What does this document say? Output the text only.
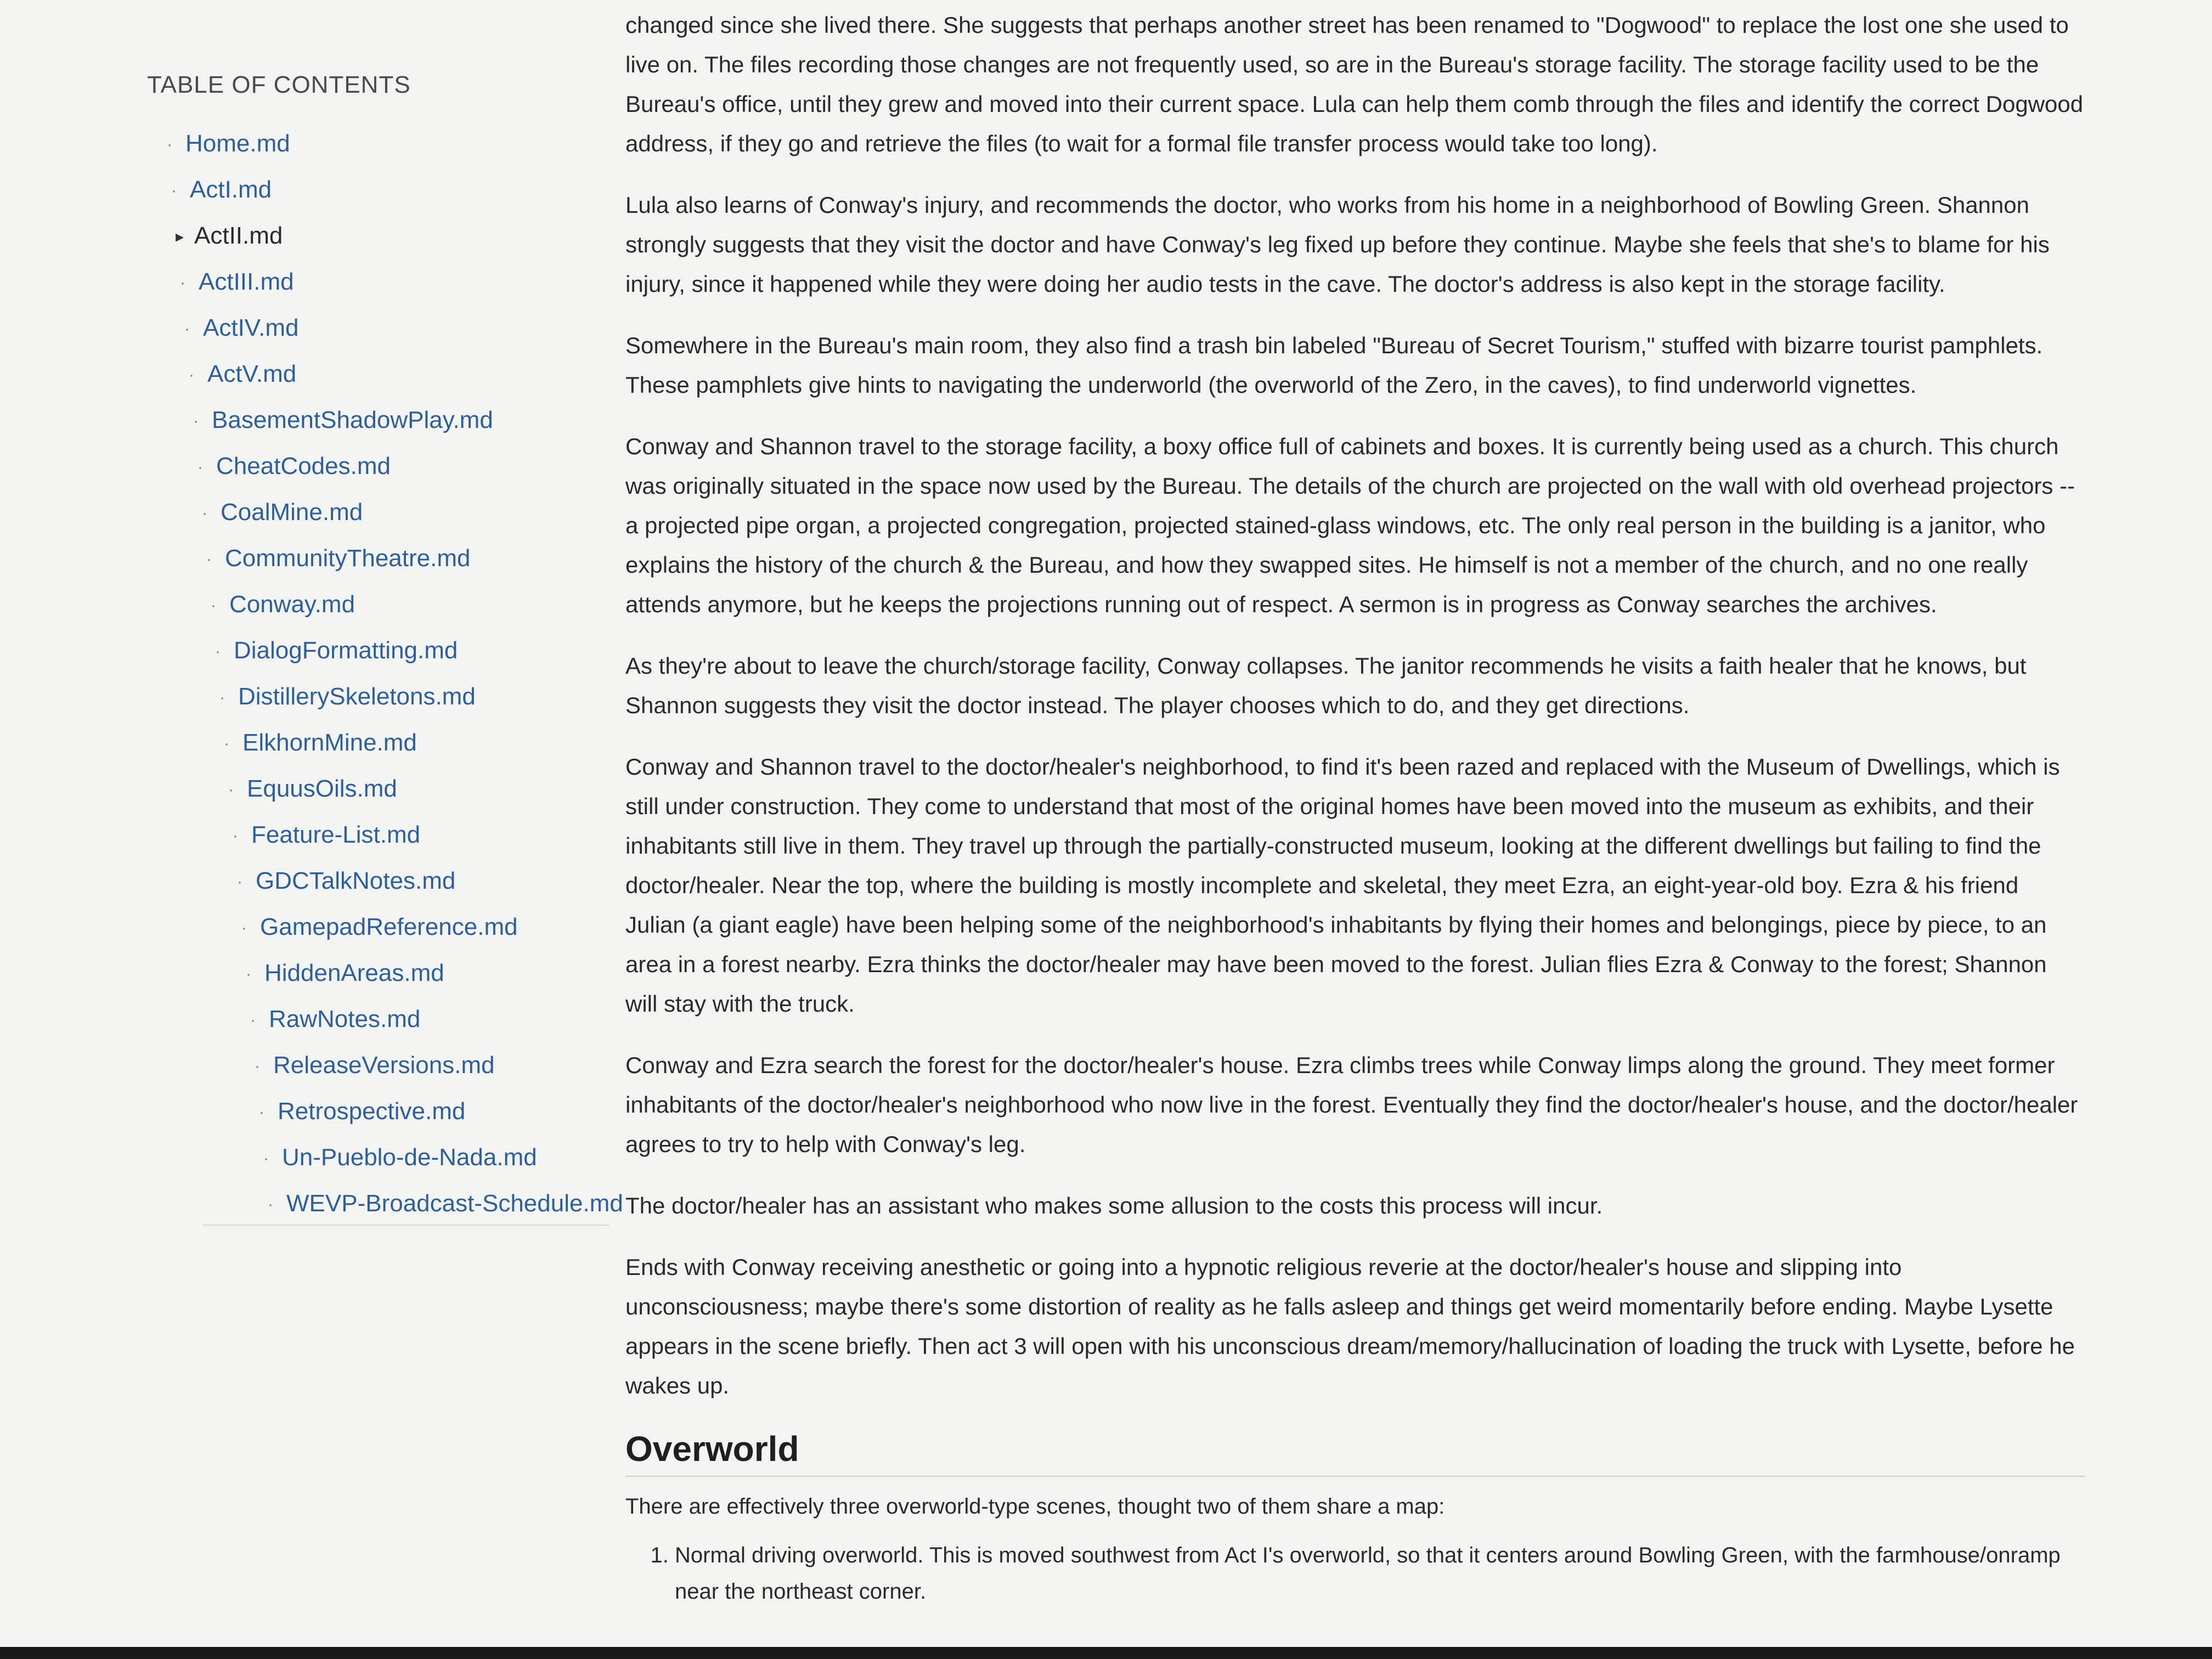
TABLE OF CONTENTS
· Home.md
· ActI.md
▸ ActII.md
· ActIII.md
· ActIV.md
· ActV.md
· BasementShadowPlay.md
· CheatCodes.md
· CoalMine.md
· CommunityTheatre.md
· Conway.md
· DialogFormatting.md
· DistillerySkeletons.md
· ElkhornMine.md
· EquusOils.md
· Feature-List.md
· GDCTalkNotes.md
· GamepadReference.md
· HiddenAreas.md
· RawNotes.md
· ReleaseVersions.md
· Retrospective.md
· Un-Pueblo-de-Nada.md
· WEVP-Broadcast-Schedule.md

changed since she lived there. She suggests that perhaps another street has been renamed to "Dogwood" to replace the lost one she used to live on. The files recording those changes are not frequently used, so are in the Bureau's storage facility. The storage facility used to be the Bureau's office, until they grew and moved into their current space. Lula can help them comb through the files and identify the correct Dogwood address, if they go and retrieve the files (to wait for a formal file transfer process would take too long).

Lula also learns of Conway's injury, and recommends the doctor, who works from his home in a neighborhood of Bowling Green. Shannon strongly suggests that they visit the doctor and have Conway's leg fixed up before they continue. Maybe she feels that she's to blame for his injury, since it happened while they were doing her audio tests in the cave. The doctor's address is also kept in the storage facility.

Somewhere in the Bureau's main room, they also find a trash bin labeled "Bureau of Secret Tourism," stuffed with bizarre tourist pamphlets. These pamphlets give hints to navigating the underworld (the overworld of the Zero, in the caves), to find underworld vignettes.

Conway and Shannon travel to the storage facility, a boxy office full of cabinets and boxes. It is currently being used as a church. This church was originally situated in the space now used by the Bureau. The details of the church are projected on the wall with old overhead projectors -- a projected pipe organ, a projected congregation, projected stained-glass windows, etc. The only real person in the building is a janitor, who explains the history of the church & the Bureau, and how they swapped sites. He himself is not a member of the church, and no one really attends anymore, but he keeps the projections running out of respect. A sermon is in progress as Conway searches the archives.

As they're about to leave the church/storage facility, Conway collapses. The janitor recommends he visits a faith healer that he knows, but Shannon suggests they visit the doctor instead. The player chooses which to do, and they get directions.

Conway and Shannon travel to the doctor/healer's neighborhood, to find it's been razed and replaced with the Museum of Dwellings, which is still under construction. They come to understand that most of the original homes have been moved into the museum as exhibits, and their inhabitants still live in them. They travel up through the partially-constructed museum, looking at the different dwellings but failing to find the doctor/healer. Near the top, where the building is mostly incomplete and skeletal, they meet Ezra, an eight-year-old boy. Ezra & his friend Julian (a giant eagle) have been helping some of the neighborhood's inhabitants by flying their homes and belongings, piece by piece, to an area in a forest nearby. Ezra thinks the doctor/healer may have been moved to the forest. Julian flies Ezra & Conway to the forest; Shannon will stay with the truck.

Conway and Ezra search the forest for the doctor/healer's house. Ezra climbs trees while Conway limps along the ground. They meet former inhabitants of the doctor/healer's neighborhood who now live in the forest. Eventually they find the doctor/healer's house, and the doctor/healer agrees to try to help with Conway's leg.

The doctor/healer has an assistant who makes some allusion to the costs this process will incur.

Ends with Conway receiving anesthetic or going into a hypnotic religious reverie at the doctor/healer's house and slipping into unconsciousness; maybe there's some distortion of reality as he falls asleep and things get weird momentarily before ending. Maybe Lysette appears in the scene briefly. Then act 3 will open with his unconscious dream/memory/hallucination of loading the truck with Lysette, before he wakes up.

Overworld

There are effectively three overworld-type scenes, thought two of them share a map:

1. Normal driving overworld. This is moved southwest from Act I's overworld, so that it centers around Bowling Green, with the farmhouse/onramp near the northeast corner.
